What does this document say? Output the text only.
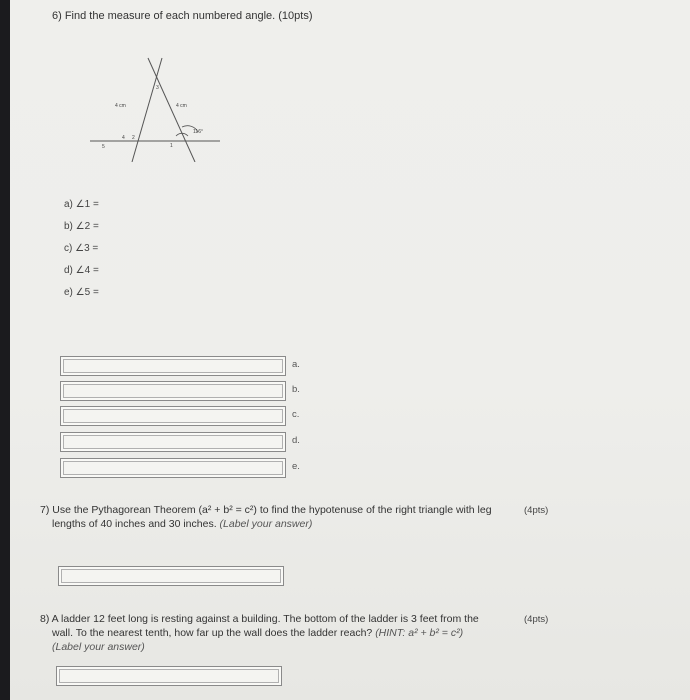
6) Find the measure of each numbered angle. (10pts)
4 cm	4 cm
116°
3
4 2
1
5
a) ∠1 =
b) ∠2 =
c) ∠3 =
d) ∠4 =
e) ∠5 =
a.
b.
c.
d.
e.
7) Use the Pythagorean Theorem (a² + b² = c²) to find the hypotenuse of the right triangle with leg
lengths of 40 inches and 30 inches. (Label your answer)
(4pts)
8) A ladder 12 feet long is resting against a building. The bottom of the ladder is 3 feet from the
wall. To the nearest tenth, how far up the wall does the ladder reach? (HINT: a² + b² = c²)
(Label your answer)
(4pts)
